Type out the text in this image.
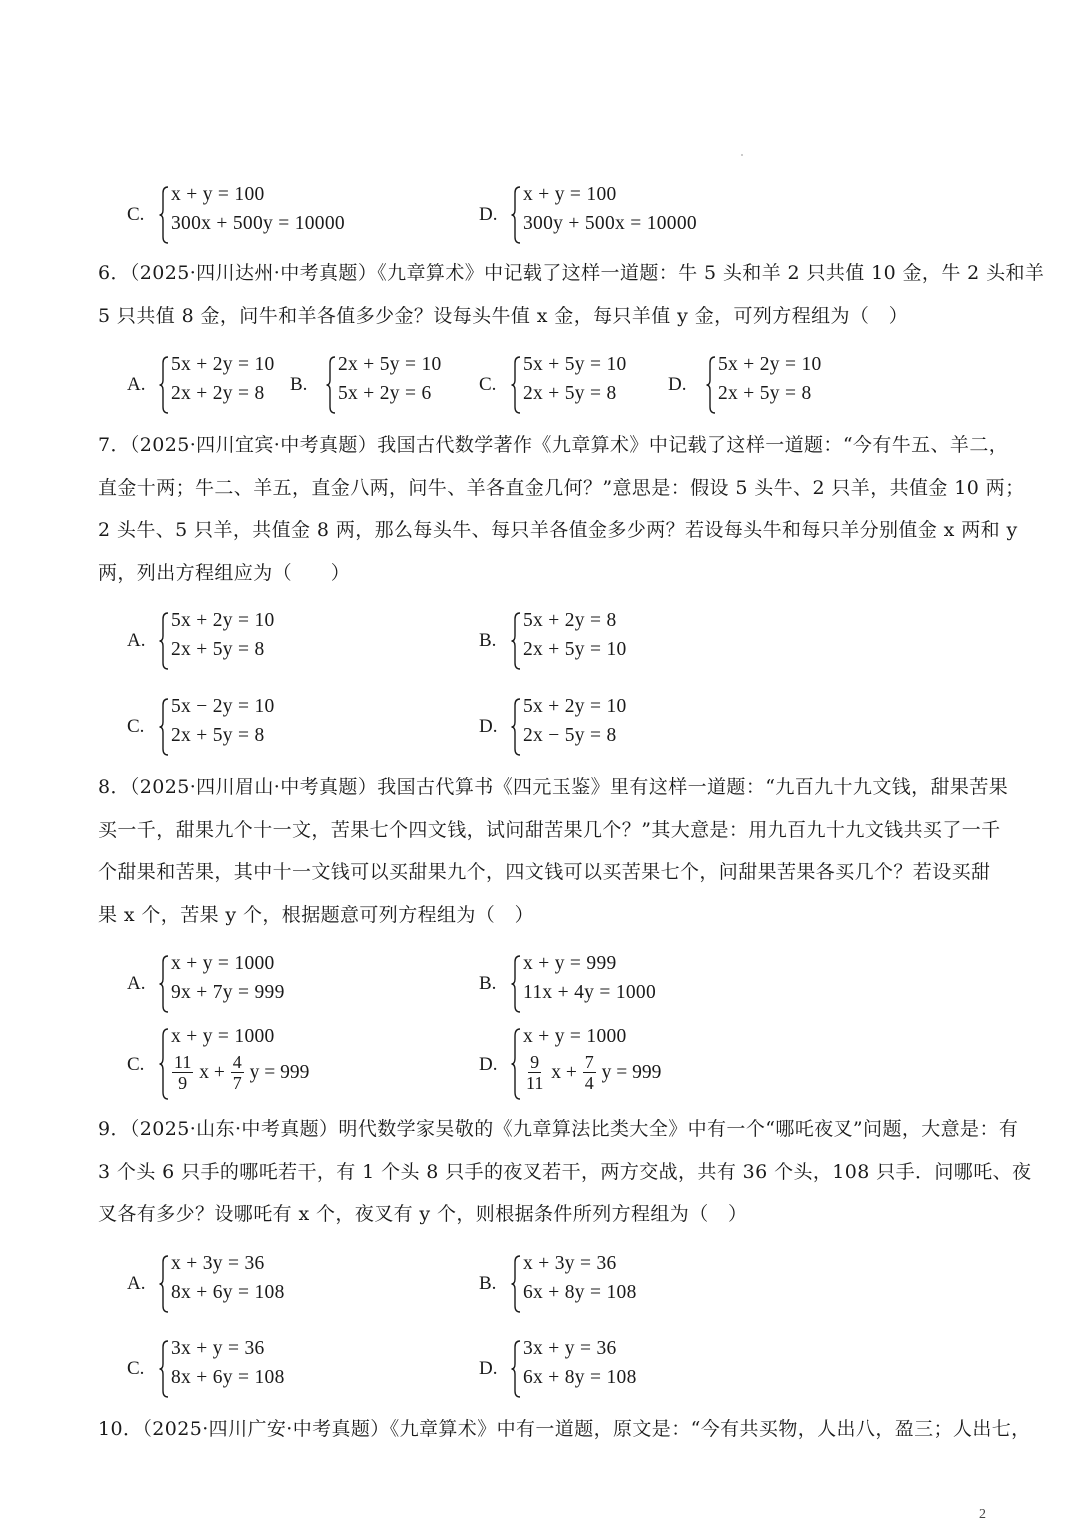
C.
x + y = 100
300x + 500y = 10000	D.
x + y = 100
300y + 500x = 10000
6．（2025·四川达州·中考真题）《九章算术》中记载了这样一道题：牛 5 头和羊 2 只共值 10 金，牛 2 头和羊
5 只共值 8 金，问牛和羊各值多少金？设每头牛值 x 金，每只羊值 y 金，可列方程组为（　）
A.
5x + 2y = 10
2x + 2y = 8 B.
2x + 5y = 10
5x + 2y = 6 C.
5x + 5y = 10
2x + 5y = 8	D.
5x + 2y = 10
2x + 5y = 8
7．（2025·四川宜宾·中考真题）我国古代数学著作《九章算术》中记载了这样一道题：“今有牛五、羊二，
直金十两；牛二、羊五，直金八两，问牛、羊各直金几何？”意思是：假设 5 头牛、2 只羊，共值金 10 两；
2 头牛、5 只羊，共值金 8 两，那么每头牛、每只羊各值金多少两？若设每头牛和每只羊分别值金 x 两和 y
两，列出方程组应为（　　）
A.
5x + 2y = 10
2x + 5y = 8	B.
5x + 2y = 8
2x + 5y = 10
C.
5x − 2y = 10
2x + 5y = 8	D.
5x + 2y = 10
2x − 5y = 8
8．（2025·四川眉山·中考真题）我国古代算书《四元玉鉴》里有这样一道题：“九百九十九文钱，甜果苦果
买一千，甜果九个十一文，苦果七个四文钱，试问甜苦果几个？”其大意是：用九百九十九文钱共买了一千
个甜果和苦果，其中十一文钱可以买甜果九个，四文钱可以买苦果七个，问甜果苦果各买几个？若设买甜
果 x 个，苦果 y 个，根据题意可列方程组为（　）
A.
x + y = 1000
9x + 7y = 999	B.
x + y = 999
11x + 4y = 1000
C.
x + y = 1000
$\frac{11}{9}$ $x + \frac{4}{7}$ y = 999	D.
x + y = 1000
$\frac{9}{11}$ $x + \frac{7}{4}$ y = 999
9．（2025·山东·中考真题）明代数学家吴敬的《九章算法比类大全》中有一个“哪吒夜叉”问题，大意是：有
3 个头 6 只手的哪吒若干，有 1 个头 8 只手的夜叉若干，两方交战，共有 36 个头，108 只手．问哪吒、夜
叉各有多少？设哪吒有 x 个，夜叉有 y 个，则根据条件所列方程组为（　）
A.
x + 3y = 36
8x + 6y = 108	B.
x + 3y = 36
6x + 8y = 108
C.
3x + y = 36
8x + 6y = 108	D.
3x + y = 36
6x + 8y = 108
10．（2025·四川广安·中考真题）《九章算术》中有一道题，原文是：“今有共买物，人出八，盈三；人出七，
2
